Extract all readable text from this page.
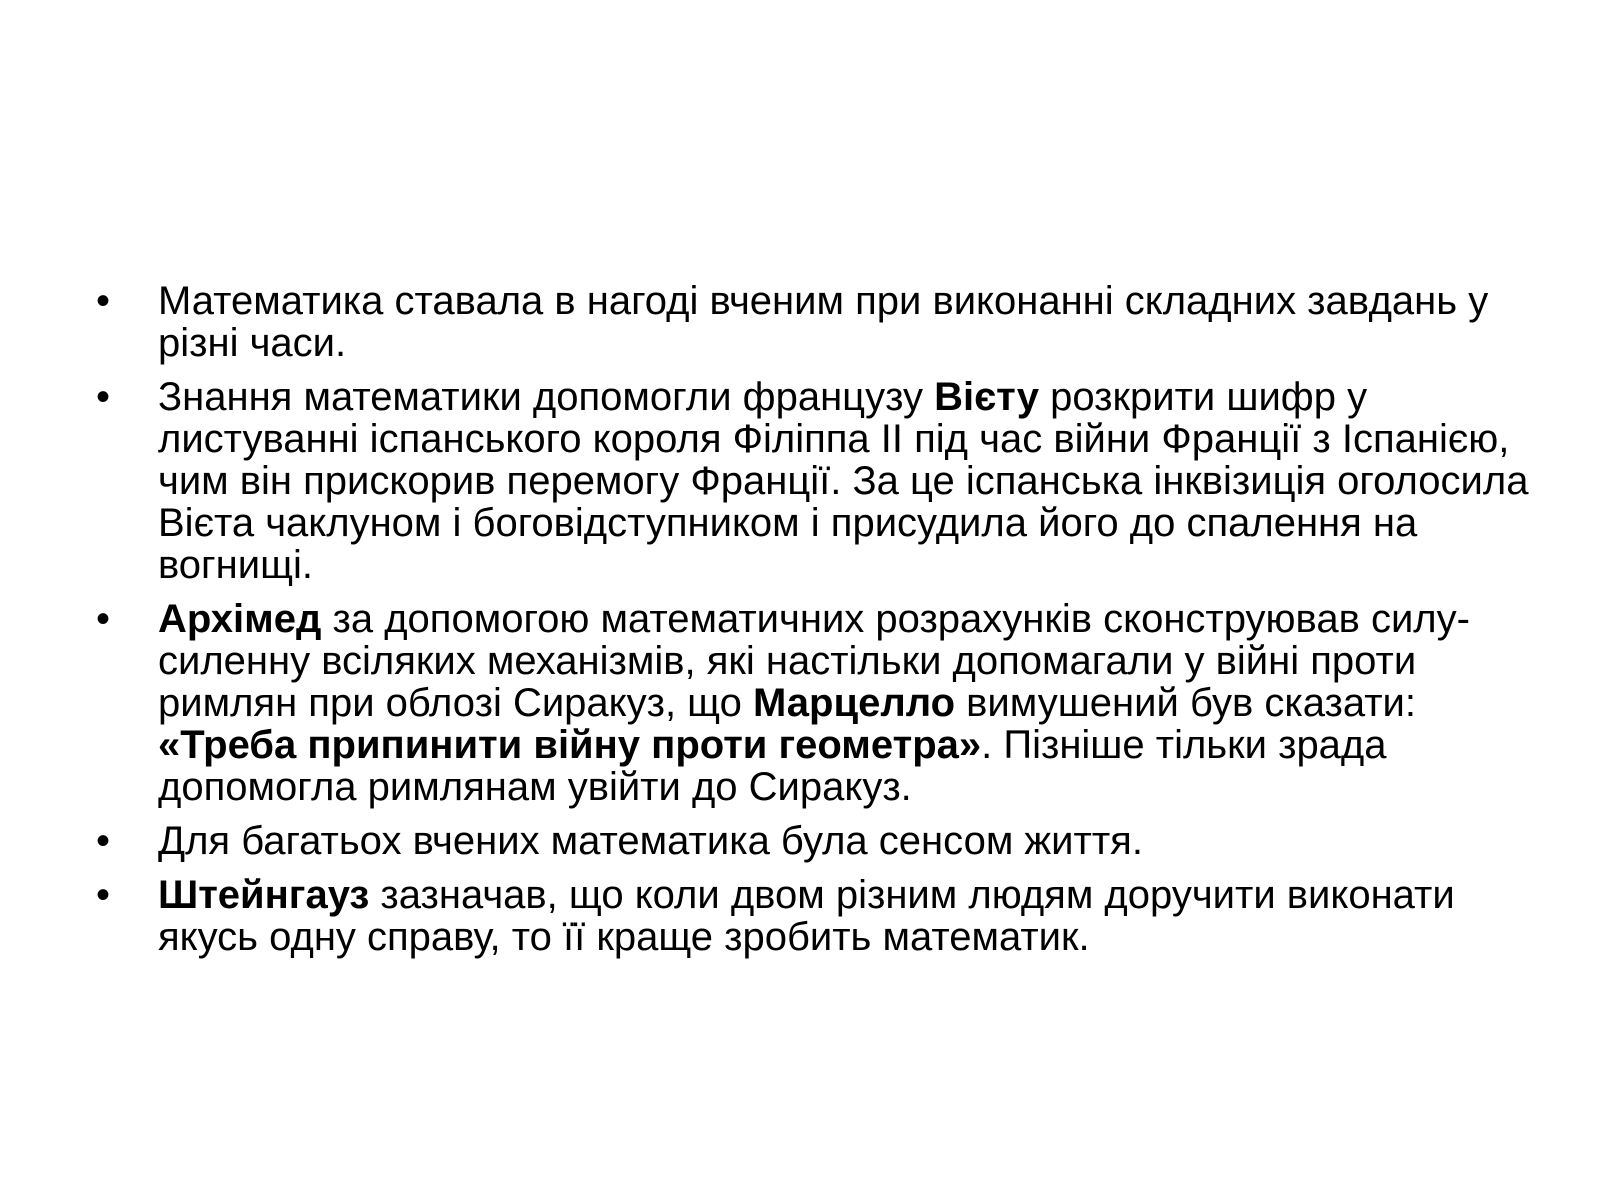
•	Математика ставала в нагоді вченим при виконанні складних завдань у різні часи.
•	Знання математики допомогли французу Вієту розкрити шифр у листуванні іспанського короля Філіппа ІІ під час війни Франції з Іспанією, чим він прискорив перемогу Франції. За це іспанська інквізиція оголосила Вієта чаклуном і боговідступником і присудила його до спалення на вогнищі.
•	Архімед за допомогою математичних розрахунків сконструював силу-силенну всіляких механізмів, які настільки допомагали у війні проти римлян при облозі Сиракуз, що Марцелло вимушений був сказати: «Треба припинити війну проти геометра». Пізніше тільки зрада допомогла римлянам увійти до Сиракуз.
•	Для багатьох вчених математика була сенсом життя.
•	Штейнгауз зазначав, що коли двом різним людям доручити виконати якусь одну справу, то її краще зробить математик.
